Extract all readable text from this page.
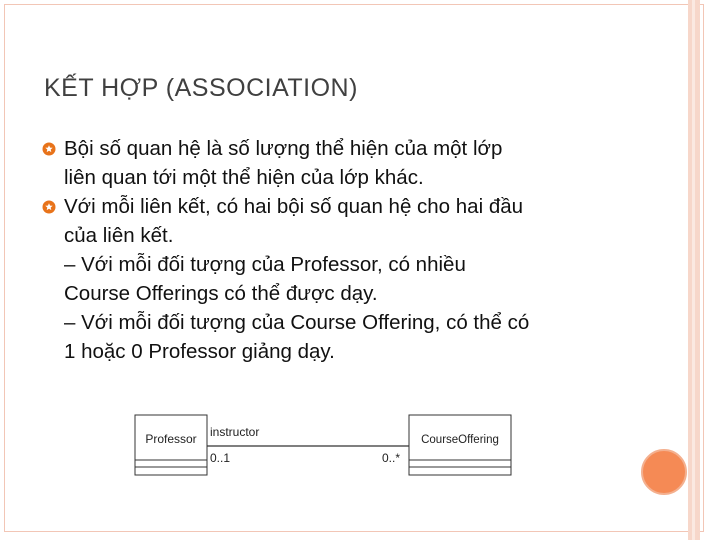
KẾT HỢP (ASSOCIATION)
Bội số quan hệ là số lượng thể hiện của một lớp
liên quan tới một thể hiện của lớp khác.
Với mỗi liên kết, có hai bội số quan hệ cho hai đầu
của liên kết.
– Với mỗi đối tượng của Professor, có nhiều
Course Offerings có thể được dạy.
– Với mỗi đối tượng của Course Offering, có thể có
1 hoặc 0 Professor giảng dạy.
Professor	CourseOffering
instructor
0..1	0..*
